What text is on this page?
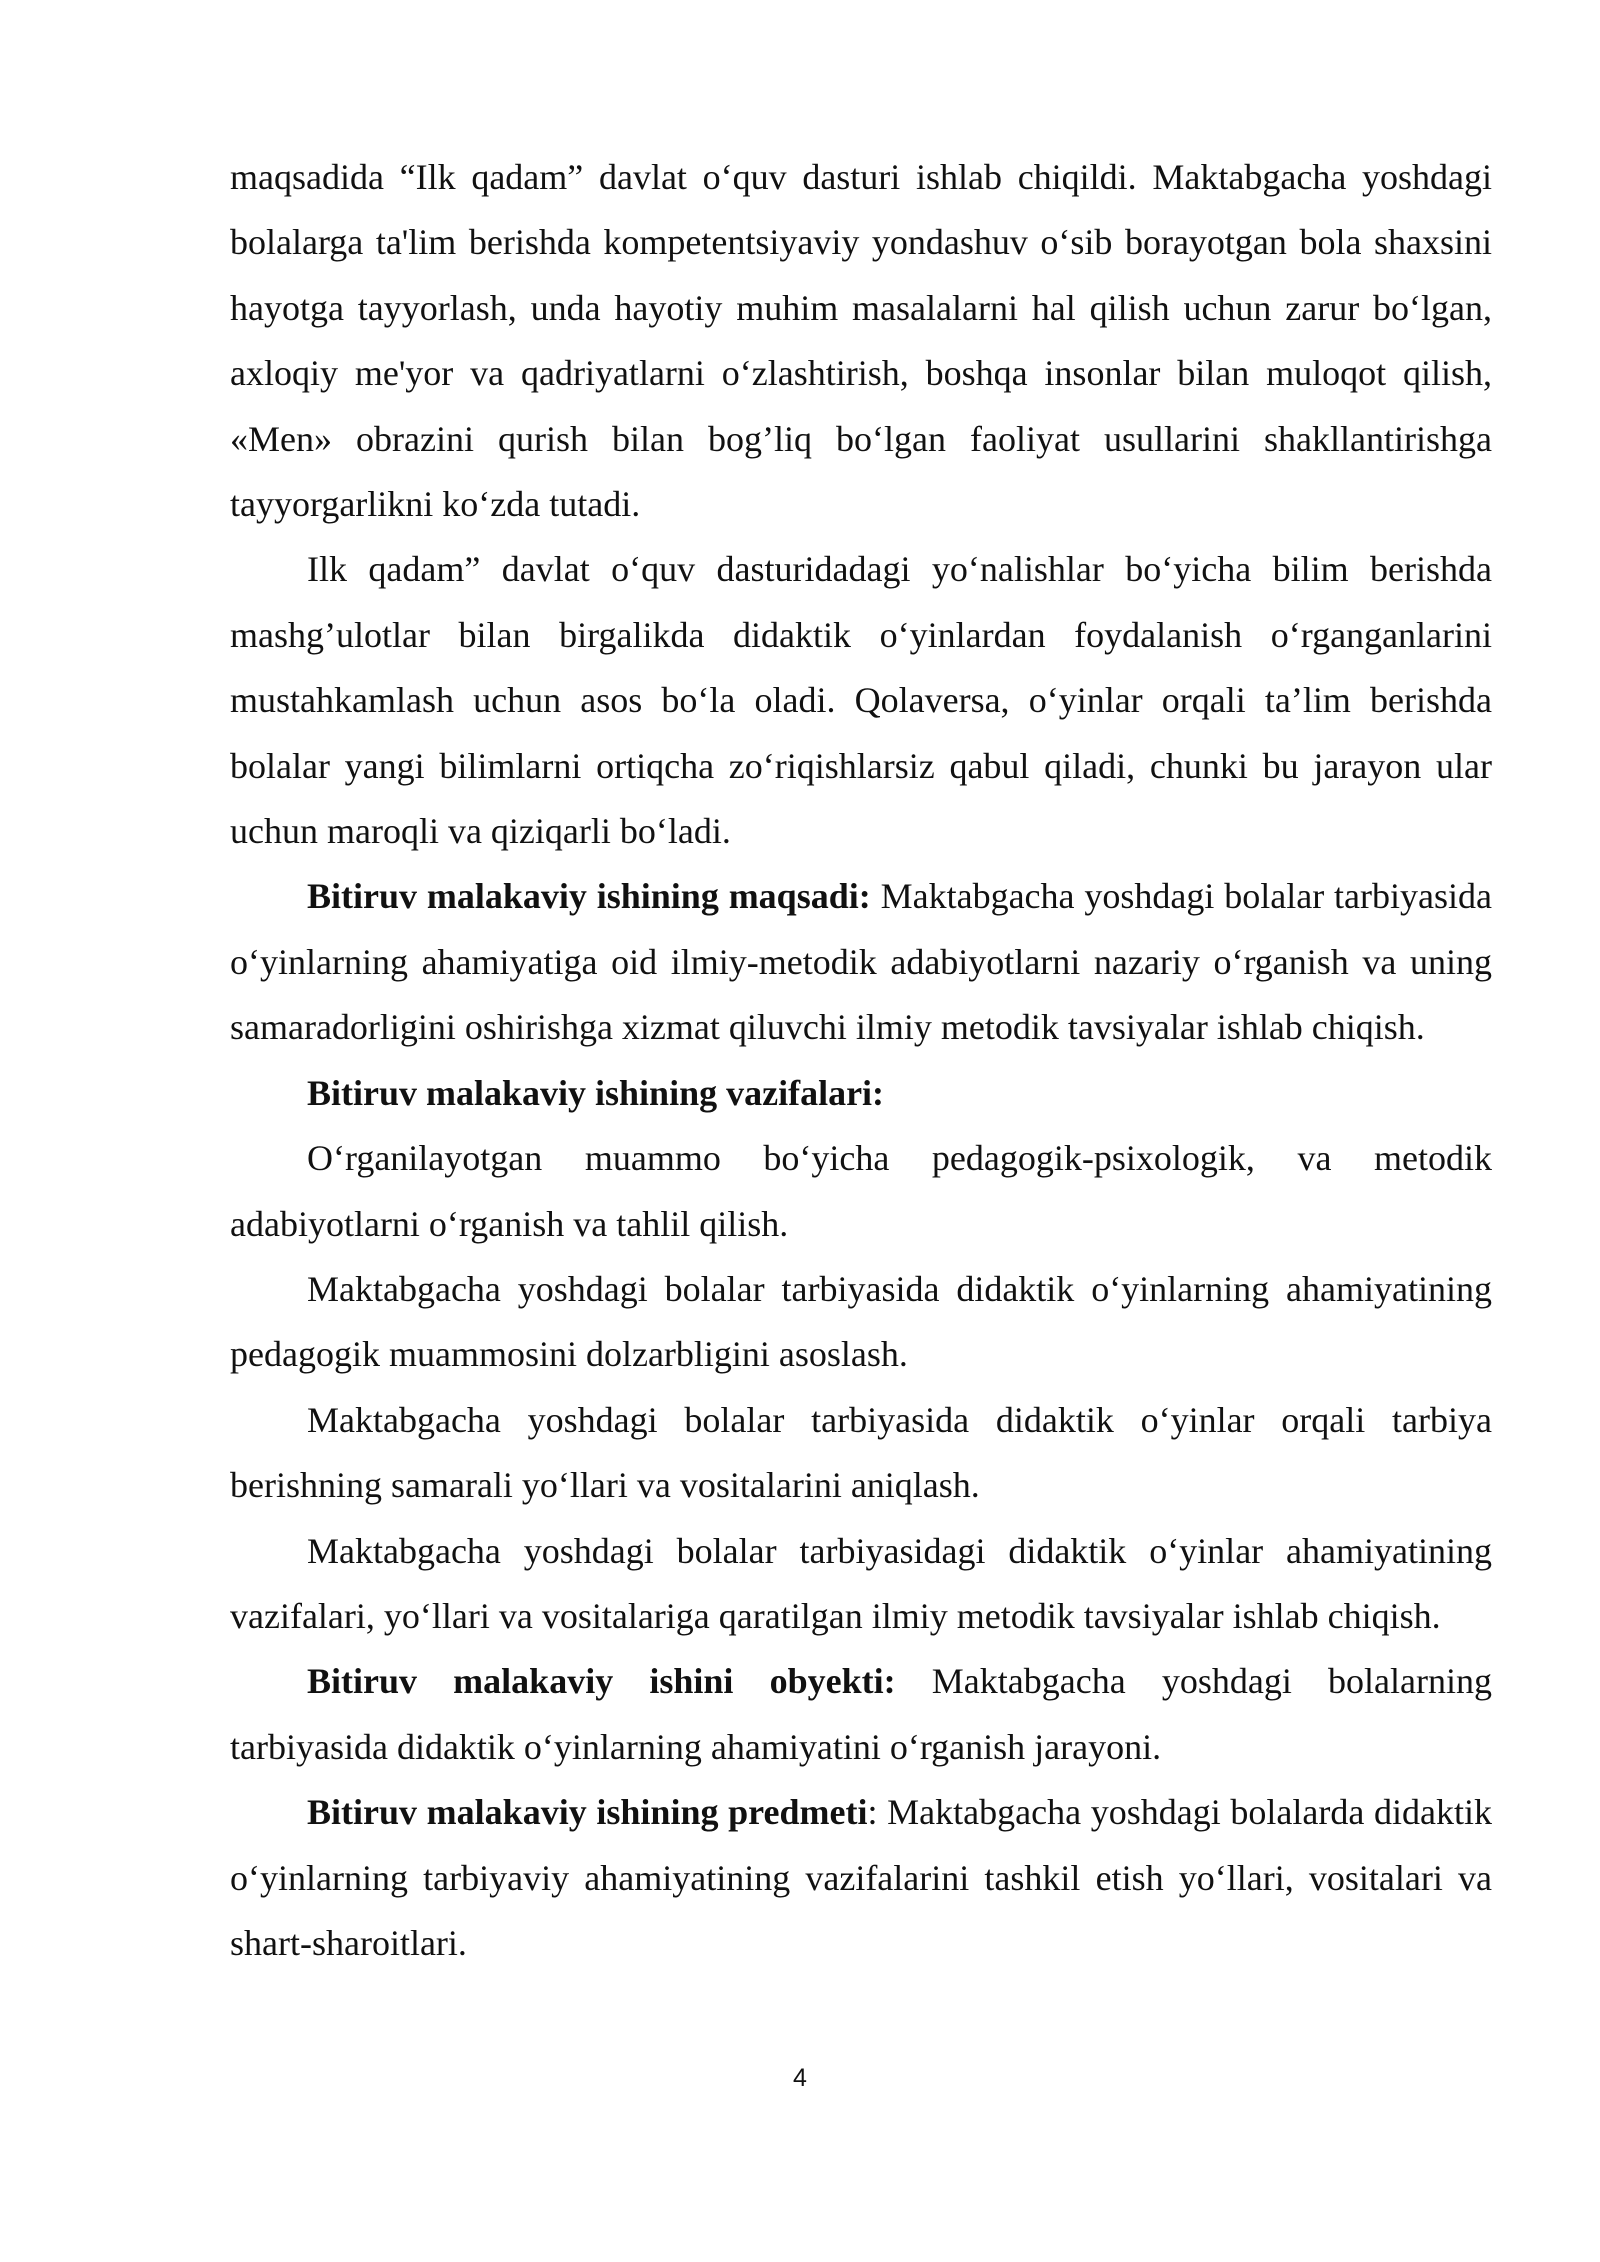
maqsadida “Ilk qadam” davlat o‘quv dasturi ishlab chiqildi. Maktabgacha yoshdagi bolalarga ta'lim berishda kompetentsiyaviy yondashuv o‘sib borayotgan bola shaxsini hayotga tayyorlash, unda hayotiy muhim masalalarni hal qilish uchun zarur bo‘lgan, axloqiy me'yor va qadriyatlarni o‘zlashtirish, boshqa insonlar bilan muloqot qilish, «Men» obrazini qurish bilan bog’liq bo‘lgan faoliyat usullarini shakllantirishga tayyorgarlikni ko‘zda tutadi.

Ilk qadam” davlat o‘quv dasturidadagi yo‘nalishlar bo‘yicha bilim berishda mashg’ulotlar bilan birgalikda didaktik o‘yinlardan foydalanish o‘rganganlarini mustahkamlash uchun asos bo‘la oladi. Qolaversa, o‘yinlar orqali ta’lim berishda bolalar yangi bilimlarni ortiqcha zo‘riqishlarsiz qabul qiladi, chunki bu jarayon ular uchun maroqli va qiziqarli bo‘ladi.

Bitiruv malakaviy ishining maqsadi: Maktabgacha yoshdagi bolalar tarbiyasida o‘yinlarning ahamiyatiga oid ilmiy-metodik adabiyotlarni nazariy o‘rganish va uning samaradorligini oshirishga xizmat qiluvchi ilmiy metodik tavsiyalar ishlab chiqish.

Bitiruv malakaviy ishining vazifalari:

O‘rganilayotgan muammo bo‘yicha pedagogik-psixologik, va metodik adabiyotlarni o‘rganish va tahlil qilish.

Maktabgacha yoshdagi bolalar tarbiyasida didaktik o‘yinlarning ahamiyatining pedagogik muammosini dolzarbligini asoslash.

Maktabgacha yoshdagi bolalar tarbiyasida didaktik o‘yinlar orqali tarbiya berishning samarali yo‘llari va vositalarini aniqlash.

Maktabgacha yoshdagi bolalar tarbiyasidagi didaktik o‘yinlar ahamiyatining vazifalari, yo‘llari va vositalariga qaratilgan ilmiy metodik tavsiyalar ishlab chiqish.

Bitiruv malakaviy ishini obyekti: Maktabgacha yoshdagi bolalarning tarbiyasida didaktik o‘yinlarning ahamiyatini o‘rganish jarayoni.

Bitiruv malakaviy ishining predmeti: Maktabgacha yoshdagi bolalarda didaktik o‘yinlarning tarbiyaviy ahamiyatining vazifalarini tashkil etish yo‘llari, vositalari va shart-sharoitlari.

4
